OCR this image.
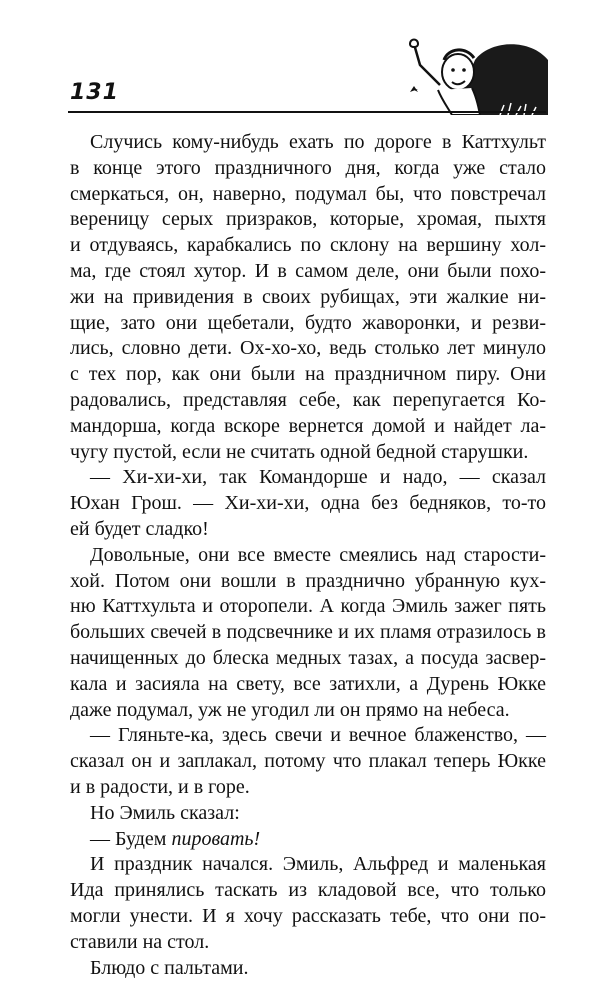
131
Случись кому-нибудь ехать по дороге в Каттхульт
в конце этого праздничного дня, когда уже стало
смеркаться, он, наверно, подумал бы, что повстречал
вереницу серых призраков, которые, хромая, пыхтя
и отдуваясь, карабкались по склону на вершину хол-
ма, где стоял хутор. И в самом деле, они были похо-
жи на привидения в своих рубищах, эти жалкие ни-
щие, зато они щебетали, будто жаворонки, и резви-
лись, словно дети. Ох-хо-хо, ведь столько лет минуло
с тех пор, как они были на праздничном пиру. Они
радовались, представляя себе, как перепугается Ко-
мандорша, когда вскоре вернется домой и найдет ла-
чугу пустой, если не считать одной бедной старушки.
— Хи-хи-хи, так Командорше и надо, — сказал
Юхан Грош. — Хи-хи-хи, одна без бедняков, то-то
ей будет сладко!
Довольные, они все вместе смеялись над старости-
хой. Потом они вошли в празднично убранную кух-
ню Каттхульта и оторопели. А когда Эмиль зажег пять
больших свечей в подсвечнике и их пламя отразилось в
начищенных до блеска медных тазах, а посуда засвер-
кала и засияла на свету, все затихли, а Дурень Юкке
даже подумал, уж не угодил ли он прямо на небеса.
— Гляньте-ка, здесь свечи и вечное блаженство, —
сказал он и заплакал, потому что плакал теперь Юкке
и в радости, и в горе.
Но Эмиль сказал:
— Будем пировать!
И праздник начался. Эмиль, Альфред и маленькая
Ида принялись таскать из кладовой все, что только
могли унести. И я хочу рассказать тебе, что они по-
ставили на стол.
Блюдо с пальтами.
